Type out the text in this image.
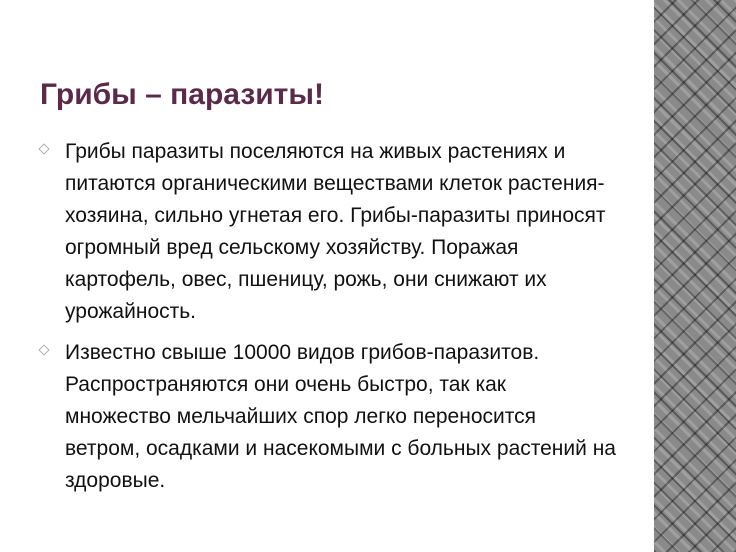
Грибы – паразиты!
Грибы паразиты поселяются на живых растениях и питаются органическими веществами клеток растения-хозяина, сильно угнетая его. Грибы-паразиты приносят огромный вред сельскому хозяйству. Поражая картофель, овес, пшеницу, рожь, они снижают их урожайность.
Известно свыше 10000 видов грибов-паразитов. Распространяются они очень быстро, так как множество мельчайших спор легко переносится ветром, осадками и насекомыми с больных растений на здоровые.
